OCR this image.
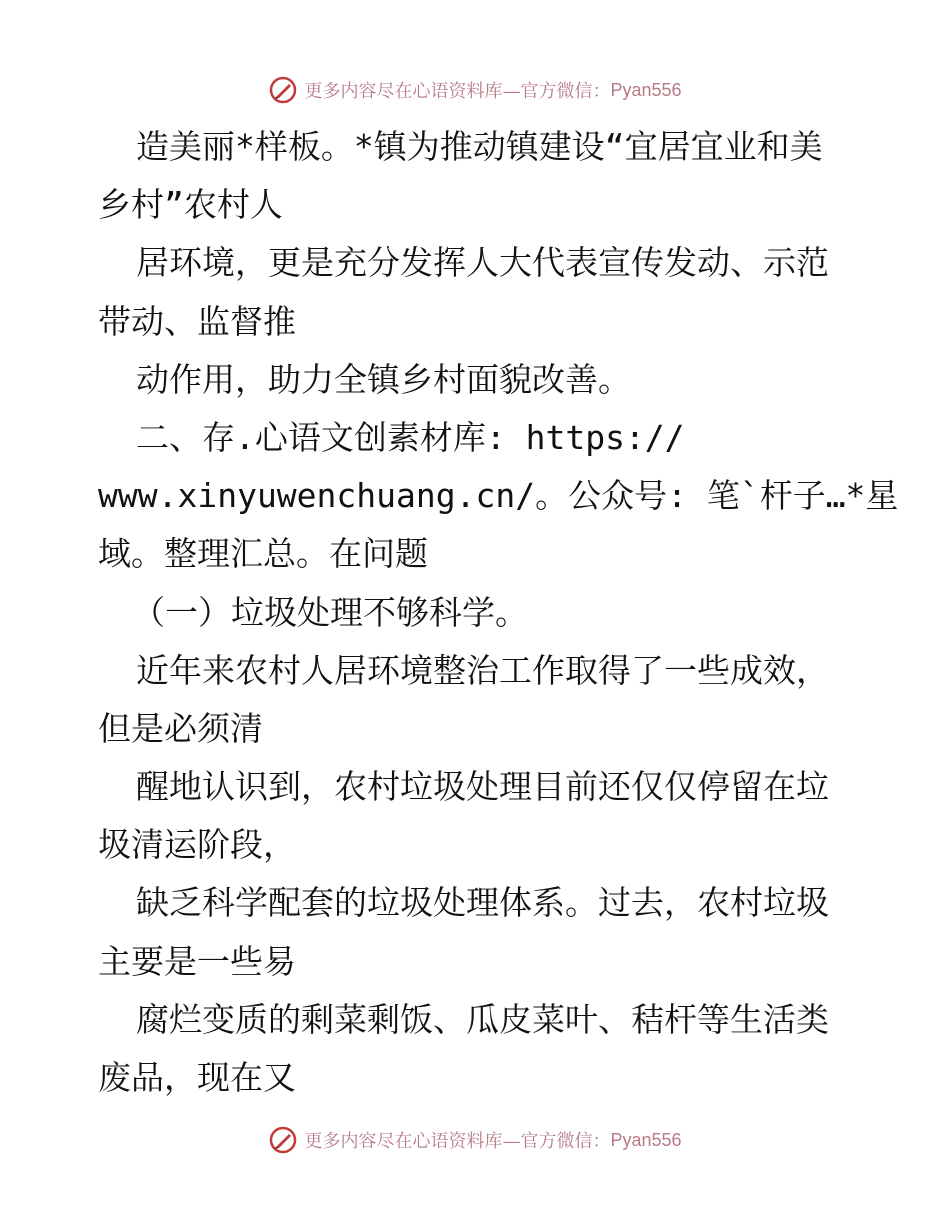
更多内容尽在心语资料库—官方微信： Pyan556
造美丽*样板。*镇为推动镇建设“宜居宜业和美
乡村”农村人
居环境，更是充分发挥人大代表宣传发动、示范
带动、监督推
动作用，助力全镇乡村面貌改善。
二、存.心语文创素材库: https://
www.xinyuwenchuang.cn/。公众号: 笔`杆子…*星
域。整理汇总。在问题
（一）垃圾处理不够科学。
近年来农村人居环境整治工作取得了一些成效，
但是必须清
醒地认识到，农村垃圾处理目前还仅仅停留在垃
圾清运阶段，
缺乏科学配套的垃圾处理体系。过去，农村垃圾
主要是一些易
腐烂变质的剩菜剩饭、瓜皮菜叶、秸杆等生活类
废品，现在又
更多内容尽在心语资料库—官方微信： Pyan556
